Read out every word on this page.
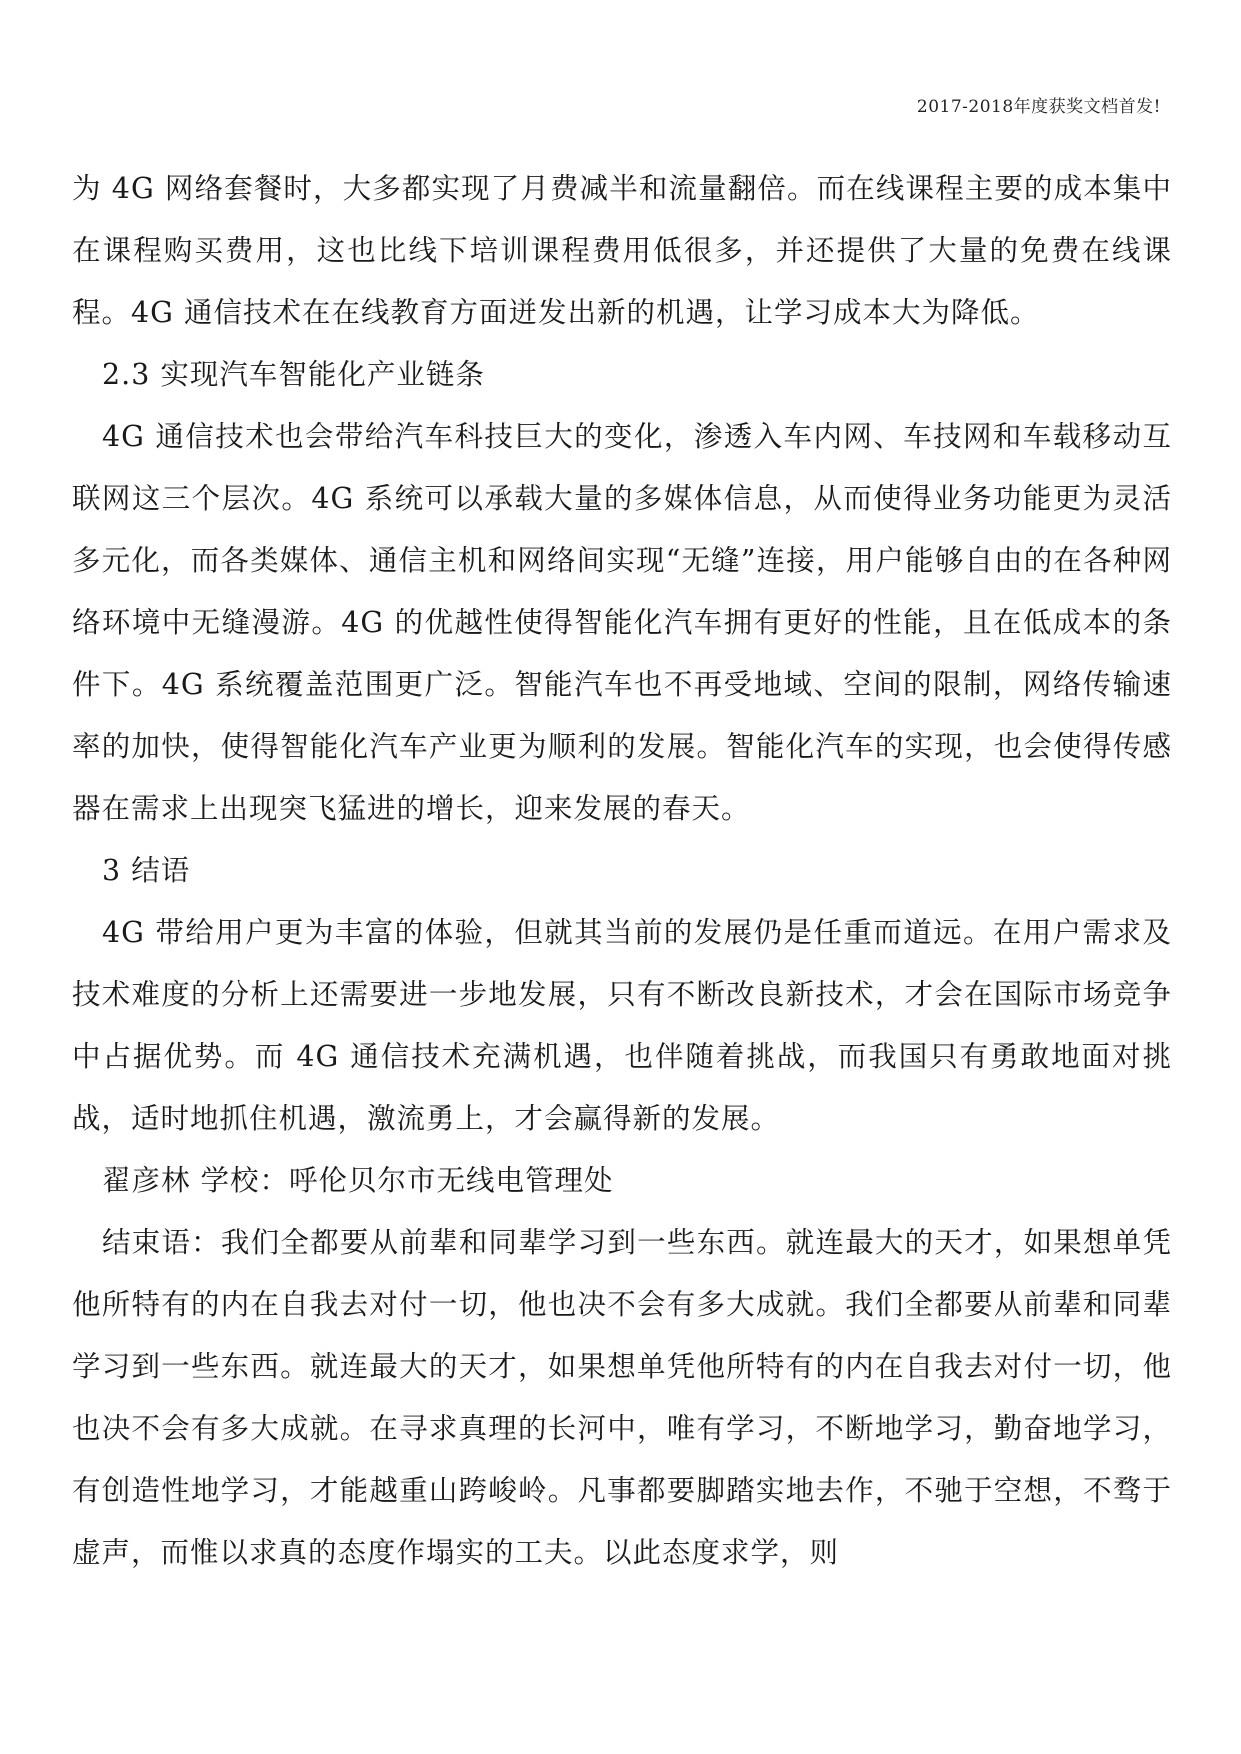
2017-2018年度获奖文档首发!

为 4G 网络套餐时，大多都实现了月费减半和流量翻倍。而在线课程主要的成本集中在课程购买费用，这也比线下培训课程费用低很多，并还提供了大量的免费在线课程。4G 通信技术在在线教育方面迸发出新的机遇，让学习成本大为降低。

2.3 实现汽车智能化产业链条

4G 通信技术也会带给汽车科技巨大的变化，渗透入车内网、车技网和车载移动互联网这三个层次。4G 系统可以承载大量的多媒体信息，从而使得业务功能更为灵活多元化，而各类媒体、通信主机和网络间实现“无缝”连接，用户能够自由的在各种网络环境中无缝漫游。4G 的优越性使得智能化汽车拥有更好的性能，且在低成本的条件下。4G 系统覆盖范围更广泛。智能汽车也不再受地域、空间的限制，网络传输速率的加快，使得智能化汽车产业更为顺利的发展。智能化汽车的实现，也会使得传感器在需求上出现突飞猛进的增长，迎来发展的春天。

3 结语

4G 带给用户更为丰富的体验，但就其当前的发展仍是任重而道远。在用户需求及技术难度的分析上还需要进一步地发展，只有不断改良新技术，才会在国际市场竞争中占据优势。而 4G 通信技术充满机遇，也伴随着挑战，而我国只有勇敢地面对挑战，适时地抓住机遇，激流勇上，才会赢得新的发展。

翟彦林 学校：呼伦贝尔市无线电管理处

结束语：我们全都要从前辈和同辈学习到一些东西。就连最大的天才，如果想单凭他所特有的内在自我去对付一切，他也决不会有多大成就。我们全都要从前辈和同辈学习到一些东西。就连最大的天才，如果想单凭他所特有的内在自我去对付一切，他也决不会有多大成就。在寻求真理的长河中，唯有学习，不断地学习，勤奋地学习，有创造性地学习，才能越重山跨峻岭。凡事都要脚踏实地去作，不驰于空想，不骛于虚声，而惟以求真的态度作塌实的工夫。以此态度求学，则
